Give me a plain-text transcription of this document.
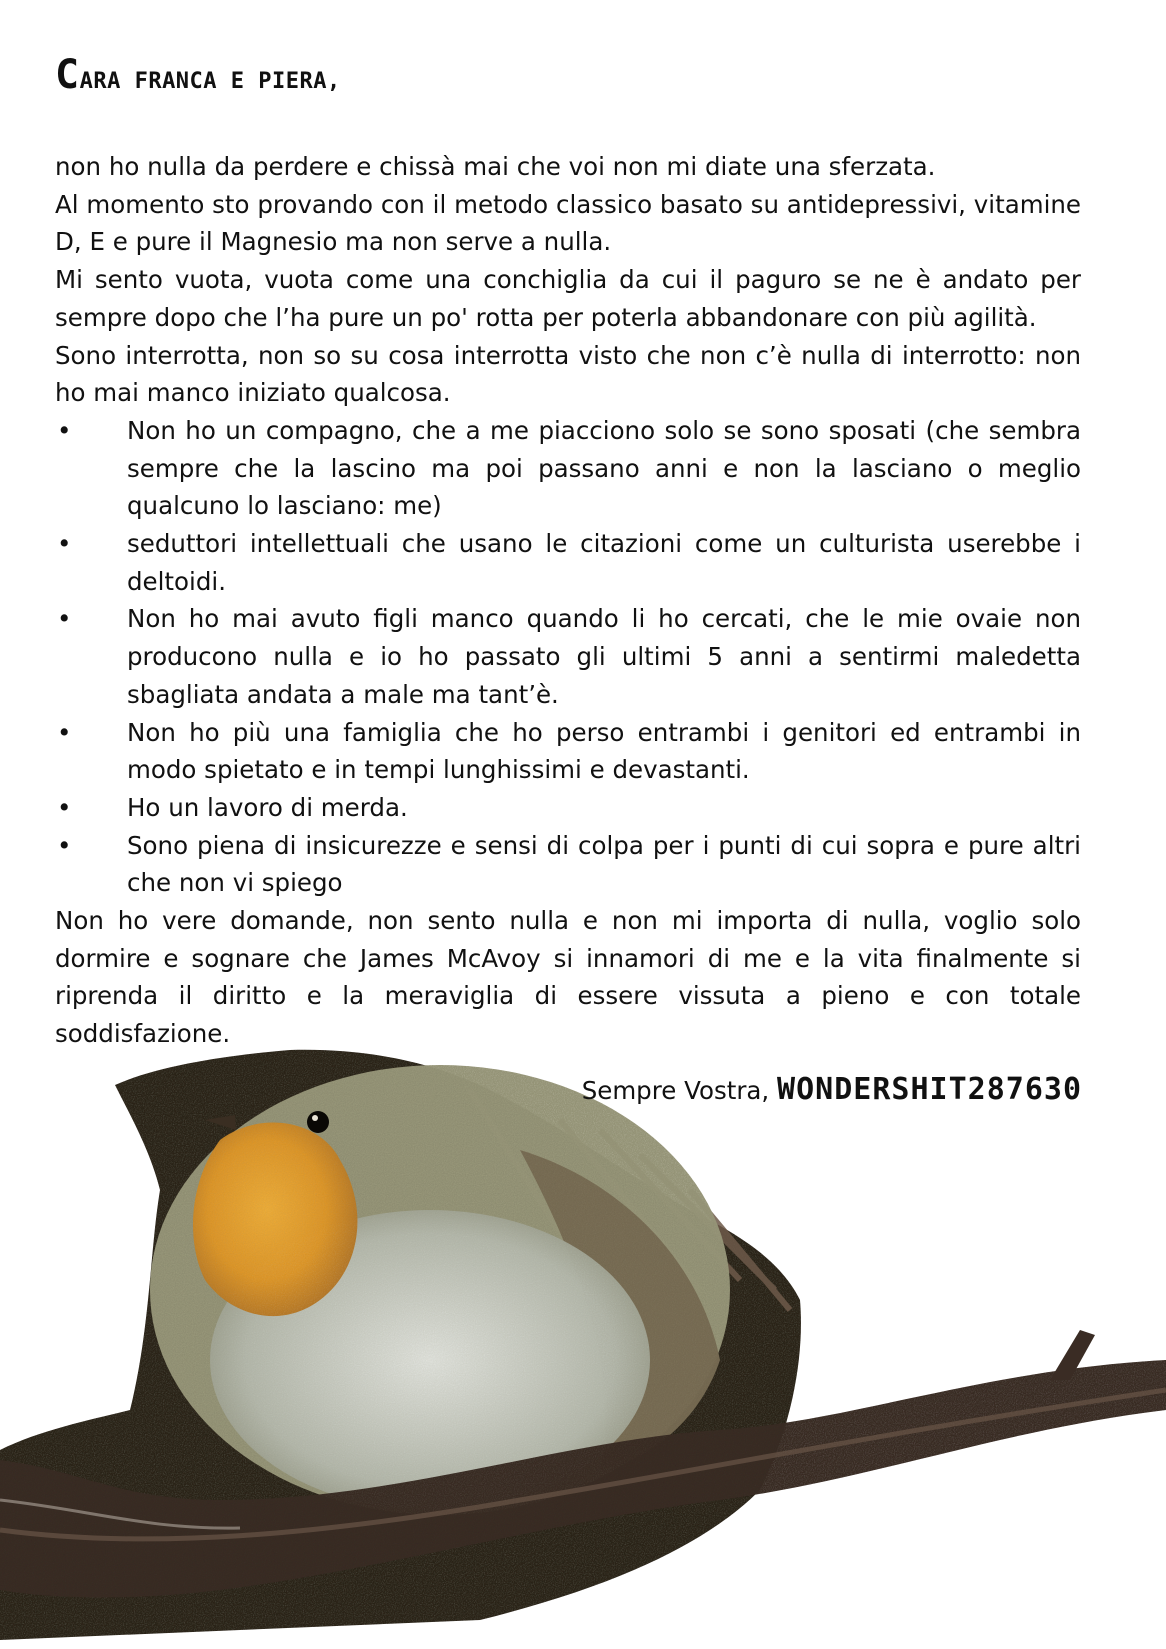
CARA FRANCA E PIERA,

non ho nulla da perdere e chissà mai che voi non mi diate una sferzata.

Al momento sto provando con il metodo classico basato su antidepressivi, vitamine D, E e pure il Magnesio ma non serve a nulla.

Mi sento vuota, vuota come una conchiglia da cui il paguro se ne è andato per sempre dopo che l’ha pure un po' rotta per poterla abbandonare con più agilità.

Sono interrotta, non so su cosa interrotta visto che non c’è nulla di interrotto: non ho mai manco iniziato qualcosa.

•	Non ho un compagno, che a me piacciono solo se sono sposati (che sembra sempre che la lascino ma poi passano anni e non la lasciano o meglio qualcuno lo lasciano: me)
•	seduttori intellettuali che usano le citazioni come un culturista userebbe i deltoidi.
•	Non ho mai avuto figli manco quando li ho cercati, che le mie ovaie non producono nulla e io ho passato gli ultimi 5 anni a sentirmi maledetta sbagliata andata a male ma tant’è.
•	Non ho più una famiglia che ho perso entrambi i genitori ed entrambi in modo spietato e in tempi lunghissimi e devastanti.
•	Ho un lavoro di merda.
•	Sono piena di insicurezze e sensi di colpa per i punti di cui sopra e pure altri che non vi spiego

Non ho vere domande, non sento nulla e non mi importa di nulla, voglio solo dormire e sognare che James McAvoy si innamori di me e la vita finalmente si riprenda il diritto e la meraviglia di essere vissuta a pieno e con totale soddisfazione.

Sempre Vostra, WONDERSHIT287630
